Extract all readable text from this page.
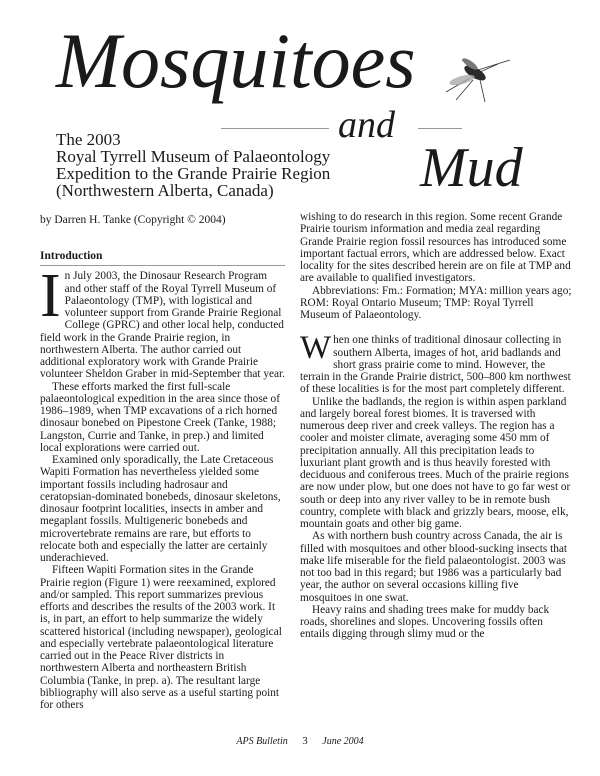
Mosquitoes
and
Mud
The 2003
Royal Tyrrell Museum of Palaeontology
Expedition to the Grande Prairie Region
(Northwestern Alberta, Canada)
by Darren H. Tanke (Copyright © 2004)
Introduction

In July 2003, the Dinosaur Research Program and other staff of the Royal Tyrrell Museum of Palaeontology (TMP), with logistical and volunteer support from Grande Prairie Regional College (GPRC) and other local help, conducted field work in the Grande Prairie region, in northwestern Alberta. The author carried out additional exploratory work with Grande Prairie volunteer Sheldon Graber in mid-September that year.

These efforts marked the first full-scale palaeontological expedition in the area since those of 1986–1989, when TMP excavations of a rich horned dinosaur bonebed on Pipestone Creek (Tanke, 1988; Langston, Currie and Tanke, in prep.) and limited local explorations were carried out.

Examined only sporadically, the Late Cretaceous Wapiti Formation has nevertheless yielded some important fossils including hadrosaur and ceratopsian-dominated bonebeds, dinosaur skeletons, dinosaur footprint localities, insects in amber and megaplant fossils. Multigeneric bonebeds and microvertebrate remains are rare, but efforts to relocate both and especially the latter are certainly underachieved.

Fifteen Wapiti Formation sites in the Grande Prairie region (Figure 1) were reexamined, explored and/or sampled. This report summarizes previous efforts and describes the results of the 2003 work. It is, in part, an effort to help summarize the widely scattered historical (including newspaper), geological and especially vertebrate palaeontological literature carried out in the Peace River districts in northwestern Alberta and northeastern British Columbia (Tanke, in prep. a). The resultant large bibliography will also serve as a useful starting point for others

wishing to do research in this region. Some recent Grande Prairie tourism information and media zeal regarding Grande Prairie region fossil resources has introduced some important factual errors, which are addressed below. Exact locality for the sites described herein are on file at TMP and are available to qualified investigators.

Abbreviations: Fm.: Formation; MYA: million years ago; ROM: Royal Ontario Museum; TMP: Royal Tyrrell Museum of Palaeontology.

When one thinks of traditional dinosaur collecting in southern Alberta, images of hot, arid badlands and short grass prairie come to mind. However, the terrain in the Grande Prairie district, 500–800 km northwest of these localities is for the most part completely different.

Unlike the badlands, the region is within aspen parkland and largely boreal forest biomes. It is traversed with numerous deep river and creek valleys. The region has a cooler and moister climate, averaging some 450 mm of precipitation annually. All this precipitation leads to luxuriant plant growth and is thus heavily forested with deciduous and coniferous trees. Much of the prairie regions are now under plow, but one does not have to go far west or south or deep into any river valley to be in remote bush country, complete with black and grizzly bears, moose, elk, mountain goats and other big game.

As with northern bush country across Canada, the air is filled with mosquitoes and other blood-sucking insects that make life miserable for the field palaeontologist. 2003 was not too bad in this regard; but 1986 was a particularly bad year, the author on several occasions killing five mosquitoes in one swat.

Heavy rains and shading trees make for muddy back roads, shorelines and slopes. Uncovering fossils often entails digging through slimy mud or the

APS Bulletin 3 June 2004
